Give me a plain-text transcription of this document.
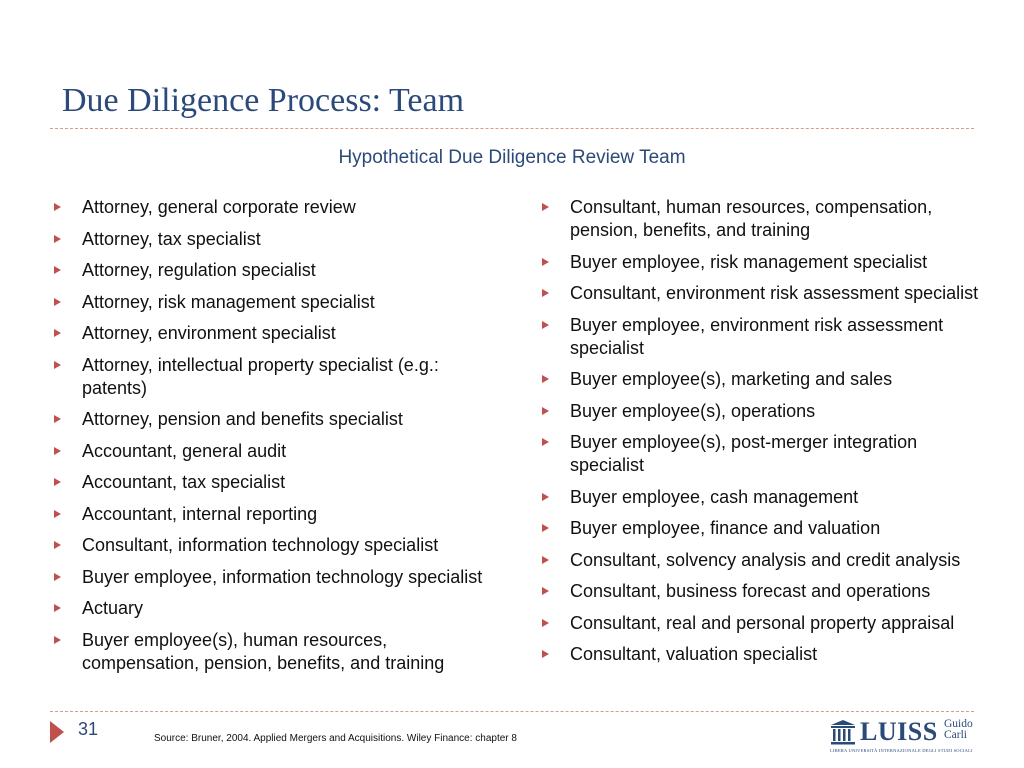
Due Diligence Process: Team
Hypothetical Due Diligence Review Team
Attorney, general corporate review
Attorney, tax specialist
Attorney, regulation specialist
Attorney, risk management specialist
Attorney, environment specialist
Attorney, intellectual property specialist (e.g.: patents)
Attorney, pension and benefits specialist
Accountant, general audit
Accountant, tax specialist
Accountant, internal reporting
Consultant, information technology specialist
Buyer employee, information technology specialist
Actuary
Buyer employee(s), human resources, compensation, pension, benefits, and training
Consultant, human resources, compensation, pension, benefits, and training
Buyer employee, risk management specialist
Consultant, environment risk assessment specialist
Buyer employee, environment risk assessment specialist
Buyer employee(s), marketing and sales
Buyer employee(s), operations
Buyer employee(s), post-merger integration specialist
Buyer employee, cash management
Buyer employee, finance and valuation
Consultant, solvency analysis and credit analysis
Consultant, business forecast and operations
Consultant, real and personal property appraisal
Consultant, valuation specialist
31	Source: Bruner, 2004. Applied Mergers and Acquisitions. Wiley Finance: chapter 8	LUISS Guido
Carli
LIBERA UNIVERSITÀ INTERNAZIONALE DEGLI STUDI SOCIALI
